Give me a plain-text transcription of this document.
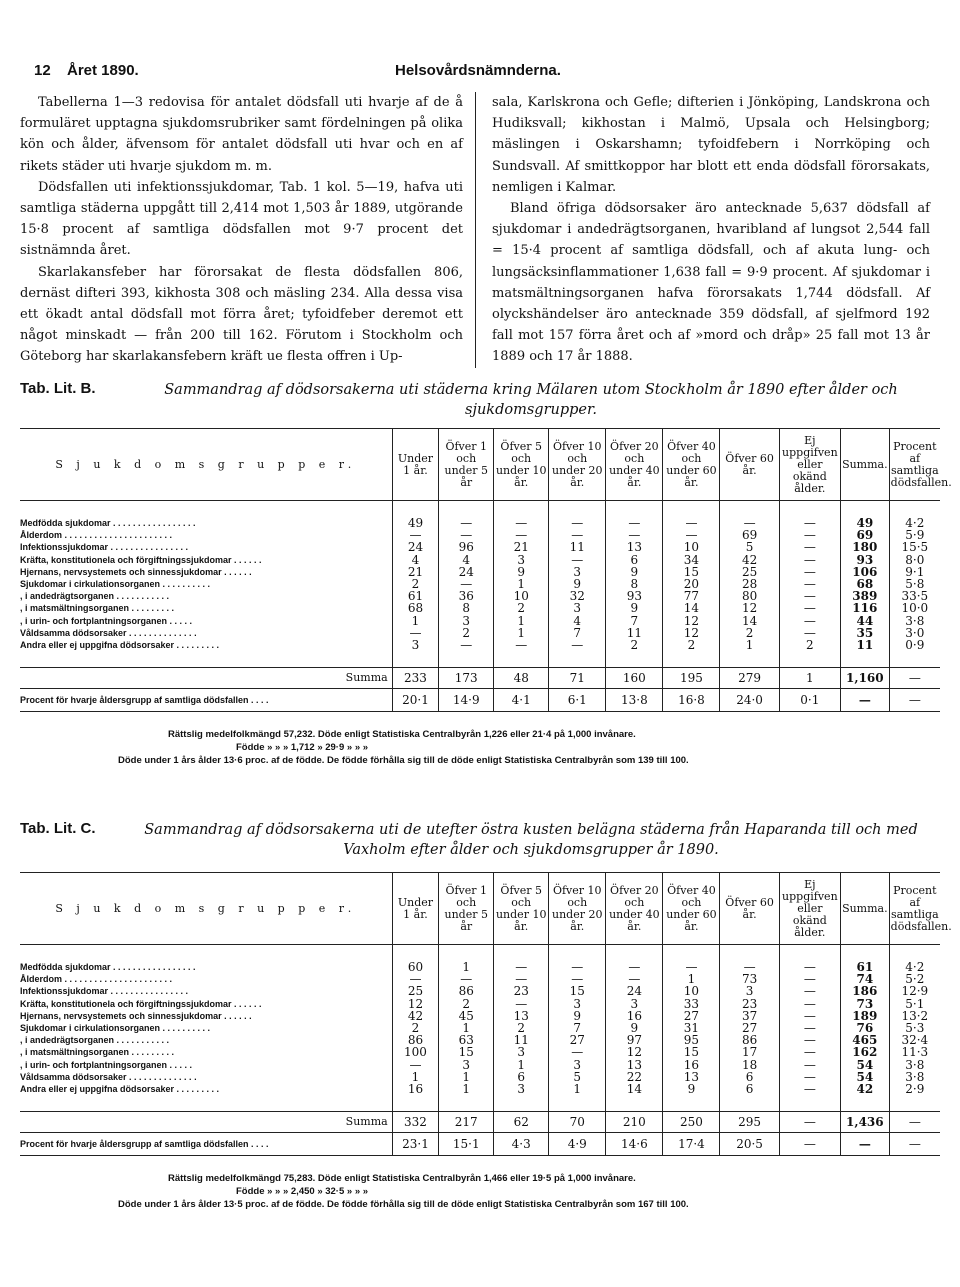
12 Året 1890.	Helsovårdsnämnderna.

Tabellerna 1—3 redovisa för antalet dödsfall uti hvarje af de å formuläret upptagna sjukdomsrubriker samt fördelningen på olika kön och ålder, äfvensom för antalet dödsfall uti hvar och en af rikets städer uti hvarje sjukdom m. m.

Dödsfallen uti infektionssjukdomar, Tab. 1 kol. 5—19, hafva uti samtliga städerna uppgått till 2,414 mot 1,503 år 1889, utgörande 15·8 procent af samtliga dödsfallen mot 9·7 procent det sistnämnda året.

Skarlakansfeber har förorsakat de flesta dödsfallen 806, dernäst difteri 393, kikhosta 308 och mäsling 234. Alla dessa visa ett ökadt antal dödsfall mot förra året; tyfoidfeber deremot ett något minskadt — från 200 till 162. Förutom i Stockholm och Göteborg har skarlakansfebern kräft ue flesta offren i Up-

sala, Karlskrona och Gefle; difterien i Jönköping, Landskrona och Hudiksvall; kikhostan i Malmö, Upsala och Helsingborg; mäslingen i Oskarshamn; tyfoidfebern i Norrköping och Sundsvall. Af smittkoppor har blott ett enda dödsfall förorsakats, nemligen i Kalmar.

Bland öfriga dödsorsaker äro antecknade 5,637 dödsfall af sjukdomar i andedrägtsorganen, hvaribland af lungsot 2,544 fall = 15·4 procent af samtliga dödsfall, och af akuta lung- och lungsäcksinflammationer 1,638 fall = 9·9 procent. Af sjukdomar i matsmältningsorganen hafva förorsakats 1,744 dödsfall. Af olyckshändelser äro antecknade 359 dödsfall, af sjelfmord 192 fall mot 157 förra året och af »mord och dråp» 25 fall mot 13 år 1889 och 17 år 1888.

Tab. Lit. B.	Sammandrag af dödsorsakerna uti städerna kring Mälaren utom Stockholm år 1890 efter ålder och sjukdomsgrupper.
S j u k d o m s g r u p p e r.	Under 1 år.	Öfver 1 och under 5 år	Öfver 5 och under 10 år.	Öfver 10 och under 20 år.	Öfver 20 och under 40 år.	Öfver 40 och under 60 år.	Öfver 60 år.	Ej uppgifven eller okänd ålder.	Summa.	Procent af samtliga dödsfallen.

Medfödda sjukdomar . . . . . . . . . . . . . . . . .	49	—	—	—	—	—	—	—	49	4·2
Ålderdom . . . . . . . . . . . . . . . . . . . . . .	—	—	—	—	—	—	69	—	69	5·9
Infektionssjukdomar . . . . . . . . . . . . . . . .	24	96	21	11	13	10	5	—	180	15·5
Kräfta, konstitutionela och förgiftningssjukdomar . . . . . .	4	4	3	—	6	34	42	—	93	8·0
Hjernans, nervsystemets och sinnessjukdomar . . . . . .	21	24	9	3	9	15	25	—	106	9·1
Sjukdomar i cirkulationsorganen . . . . . . . . . .	2	—	1	9	8	20	28	—	68	5·8
, i andedrägtsorganen . . . . . . . . . . .	61	36	10	32	93	77	80	—	389	33·5
, i matsmältningsorganen . . . . . . . . .	68	8	2	3	9	14	12	—	116	10·0
, i urin- och fortplantningsorganen . . . . .	1	3	1	4	7	12	14	—	44	3·8
Våldsamma dödsorsaker . . . . . . . . . . . . . .	—	2	1	7	11	12	2	—	35	3·0
Andra eller ej uppgifna dödsorsaker . . . . . . . . .	3	—	—	—	2	2	1	2	11	0·9

Summa	233	173	48	71	160	195	279	1	1,160	—
Procent för hvarje åldersgrupp af samtliga dödsfallen . . . .	20·1	14·9	4·1	6·1	13·8	16·8	24·0	0·1	—	—
Rättslig medelfolkmängd 57,232. Döde enligt Statistiska Centralbyrån 1,226 eller 21·4 på 1,000 invånare.
Födde » » » 1,712 » 29·9 » » »
Döde under 1 års ålder 13·6 proc. af de födde. De födde förhålla sig till de döde enligt Statistiska Centralbyrån som 139 till 100.
Tab. Lit. C.	Sammandrag af dödsorsakerna uti de utefter östra kusten belägna städerna från Haparanda till och med Vaxholm efter ålder och sjukdomsgrupper år 1890.
S j u k d o m s g r u p p e r.	Under 1 år.	Öfver 1 och under 5 år	Öfver 5 och under 10 år.	Öfver 10 och under 20 år.	Öfver 20 och under 40 år.	Öfver 40 och under 60 år.	Öfver 60 år.	Ej uppgifven eller okänd ålder.	Summa.	Procent af samtliga dödsfallen.

Medfödda sjukdomar . . . . . . . . . . . . . . . . .	60	1	—	—	—	—	—	—	61	4·2
Ålderdom . . . . . . . . . . . . . . . . . . . . . .	—	—	—	—	—	1	73	—	74	5·2
Infektionssjukdomar . . . . . . . . . . . . . . . .	25	86	23	15	24	10	3	—	186	12·9
Kräfta, konstitutionela och förgiftningssjukdomar . . . . . .	12	2	—	3	3	33	23	—	73	5·1
Hjernans, nervsystemets och sinnessjukdomar . . . . . .	42	45	13	9	16	27	37	—	189	13·2
Sjukdomar i cirkulationsorganen . . . . . . . . . .	2	1	2	7	9	31	27	—	76	5·3
, i andedrägtsorganen . . . . . . . . . . .	86	63	11	27	97	95	86	—	465	32·4
, i matsmältningsorganen . . . . . . . . .	100	15	3	—	12	15	17	—	162	11·3
, i urin- och fortplantningsorganen . . . . .	—	3	1	3	13	16	18	—	54	3·8
Våldsamma dödsorsaker . . . . . . . . . . . . . .	1	1	6	5	22	13	6	—	54	3·8
Andra eller ej uppgifna dödsorsaker . . . . . . . . .	16	1	3	1	14	9	6	—	42	2·9

Summa	332	217	62	70	210	250	295	—	1,436	—
Procent för hvarje åldersgrupp af samtliga dödsfallen . . . .	23·1	15·1	4·3	4·9	14·6	17·4	20·5	—	—	—
Rättslig medelfolkmängd 75,283. Döde enligt Statistiska Centralbyrån 1,466 eller 19·5 på 1,000 invånare.
Födde » » » 2,450 » 32·5 » » »
Döde under 1 års ålder 13·5 proc. af de födde. De födde förhålla sig till de döde enligt Statistiska Centralbyrån som 167 till 100.
